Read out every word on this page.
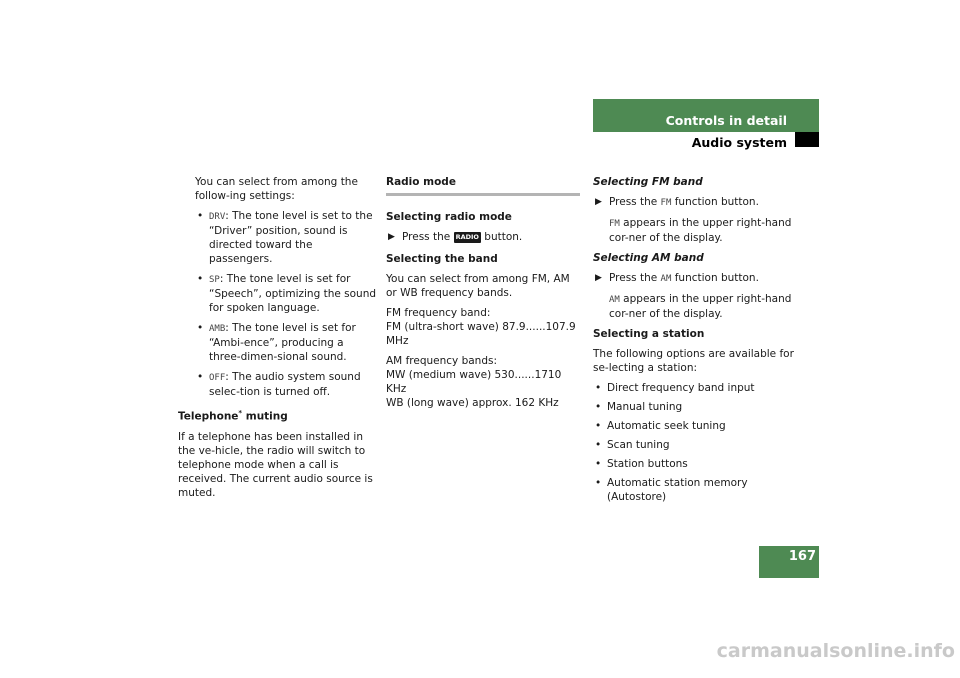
Controls in detail
Audio system

You can select from among the follow-ing settings:

• DRV: The tone level is set to the “Driver” position, sound is directed toward the passengers.

• SP: The tone level is set for “Speech”, optimizing the sound for spoken language.

• AMB: The tone level is set for “Ambi-ence”, producing a three-dimen-sional sound.

• OFF: The audio system sound selec-tion is turned off.

Telephone* muting

If a telephone has been installed in the ve-hicle, the radio will switch to telephone mode when a call is received. The current audio source is muted.

Radio mode

Selecting radio mode

▶ Press the RADIO button.

Selecting the band

You can select from among FM, AM or WB frequency bands.

FM frequency band:

FM (ultra-short wave) 87.9......107.9 MHz

AM frequency bands:

MW (medium wave) 530......1710 KHz

WB (long wave) approx. 162 KHz

Selecting FM band

▶ Press the FM function button.

FM appears in the upper right-hand cor-ner of the display.

Selecting AM band

▶ Press the AM function button.

AM appears in the upper right-hand cor-ner of the display.

Selecting a station

The following options are available for se-lecting a station:

• Direct frequency band input

• Manual tuning

• Automatic seek tuning

• Scan tuning

• Station buttons

• Automatic station memory (Autostore)

167
carmanualsonline.info
